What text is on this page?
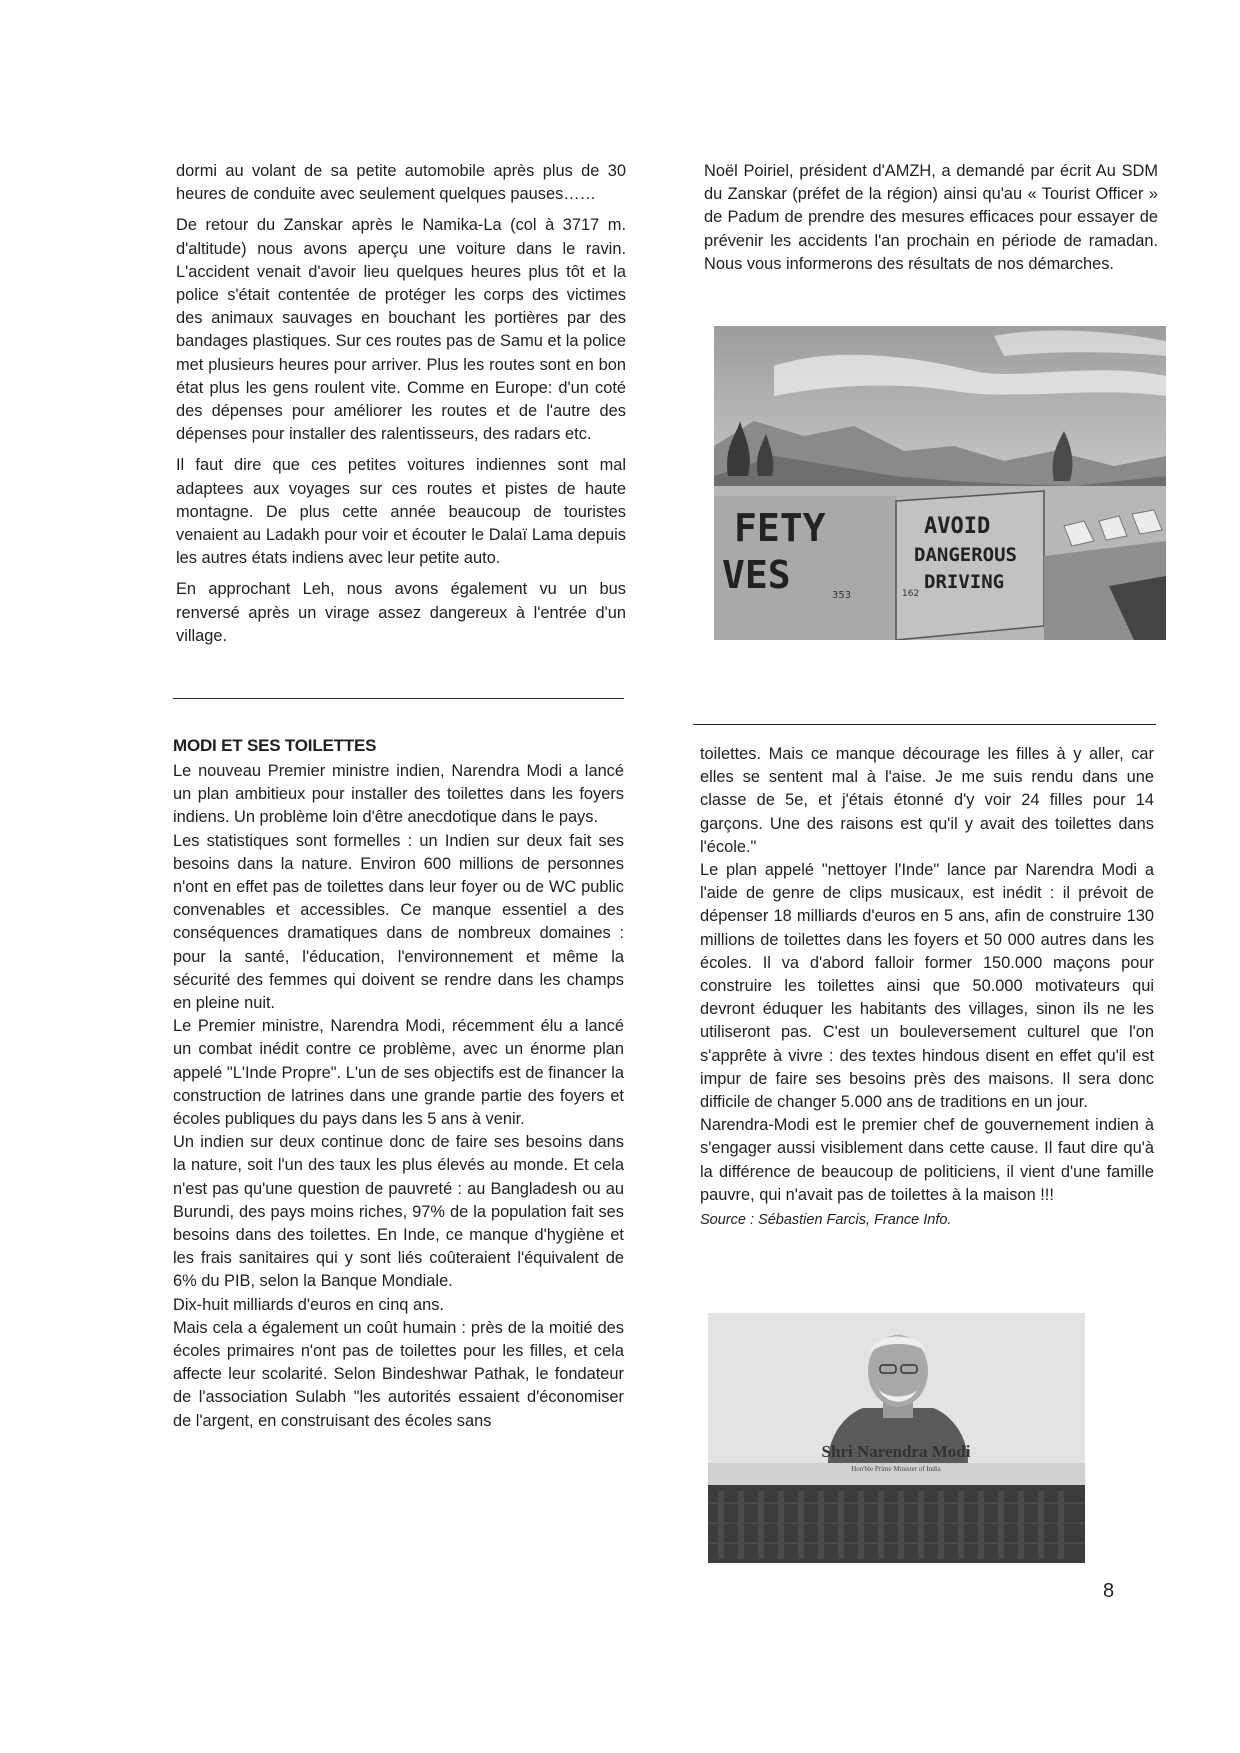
dormi au volant de sa petite automobile après plus de 30 heures de conduite avec seulement quelques pauses……

De retour du Zanskar après le Namika-La (col à 3717 m. d'altitude) nous avons aperçu une voiture dans le ravin. L'accident venait d'avoir lieu quelques heures plus tôt et la police s'était contentée de protéger les corps des victimes des animaux sauvages en bouchant les portières par des bandages plastiques. Sur ces routes pas de Samu et la police met plusieurs heures pour arriver. Plus les routes sont en bon état plus les gens roulent vite. Comme en Europe: d'un coté des dépenses pour améliorer les routes et de l'autre des dépenses pour installer des ralentisseurs, des radars etc.

Il faut dire que ces petites voitures indiennes sont mal adaptees aux voyages sur ces routes et pistes de haute montagne. De plus cette année beaucoup de touristes venaient au Ladakh pour voir et écouter le Dalaï Lama depuis les autres états indiens avec leur petite auto.

En approchant Leh, nous avons également vu un bus renversé après un virage assez dangereux à l'entrée d'un village.

Noël Poiriel, président d'AMZH, a demandé par écrit Au SDM du Zanskar (préfet de la région) ainsi qu'au « Tourist Officer » de Padum de prendre des mesures efficaces pour essayer de prévenir les accidents l'an prochain en période de ramadan. Nous vous informerons des résultats de nos démarches.

FETY
VES	353
AVOID
DANGEROUS
DRIVING
162
MODI ET SES TOILETTES

Le nouveau Premier ministre indien, Narendra Modi a lancé un plan ambitieux pour installer des toilettes dans les foyers indiens. Un problème loin d'être anecdotique dans le pays.

Les statistiques sont formelles : un Indien sur deux fait ses besoins dans la nature. Environ 600 millions de personnes n'ont en effet pas de toilettes dans leur foyer ou de WC public convenables et accessibles. Ce manque essentiel a des conséquences dramatiques dans de nombreux domaines : pour la santé, l'éducation, l'environnement et même la sécurité des femmes qui doivent se rendre dans les champs en pleine nuit.

Le Premier ministre, Narendra Modi, récemment élu a lancé un combat inédit contre ce problème, avec un énorme plan appelé "L'Inde Propre". L'un de ses objectifs est de financer la construction de latrines dans une grande partie des foyers et écoles publiques du pays dans les 5 ans à venir.

Un indien sur deux continue donc de faire ses besoins dans la nature, soit l'un des taux les plus élevés au monde. Et cela n'est pas qu'une question de pauvreté : au Bangladesh ou au Burundi, des pays moins riches, 97% de la population fait ses besoins dans des toilettes. En Inde, ce manque d'hygiène et les frais sanitaires qui y sont liés coûteraient l'équivalent de 6% du PIB, selon la Banque Mondiale.

Dix-huit milliards d'euros en cinq ans.

Mais cela a également un coût humain : près de la moitié des écoles primaires n'ont pas de toilettes pour les filles, et cela affecte leur scolarité. Selon Bindeshwar Pathak, le fondateur de l'association Sulabh "les autorités essaient d'économiser de l'argent, en construisant des écoles sans

toilettes. Mais ce manque décourage les filles à y aller, car elles se sentent mal à l'aise. Je me suis rendu dans une classe de 5e, et j'étais étonné d'y voir 24 filles pour 14 garçons. Une des raisons est qu'il y avait des toilettes dans l'école."

Le plan appelé "nettoyer l'Inde" lance par Narendra Modi a l'aide de genre de clips musicaux, est inédit : il prévoit de dépenser 18 milliards d'euros en 5 ans, afin de construire 130 millions de toilettes dans les foyers et 50 000 autres dans les écoles. Il va d'abord falloir former 150.000 maçons pour construire les toilettes ainsi que 50.000 motivateurs qui devront éduquer les habitants des villages, sinon ils ne les utiliseront pas. C'est un bouleversement culturel que l'on s'apprête à vivre : des textes hindous disent en effet qu'il est impur de faire ses besoins près des maisons. Il sera donc difficile de changer 5.000 ans de traditions en un jour.

Narendra-Modi est le premier chef de gouvernement indien à s'engager aussi visiblement dans cette cause. Il faut dire qu'à la différence de beaucoup de politiciens, il vient d'une famille pauvre, qui n'avait pas de toilettes à la maison !!!

Source : Sébastien Farcis, France Info.

Shri Narendra Modi
Hon'ble Prime Minister of India
8
